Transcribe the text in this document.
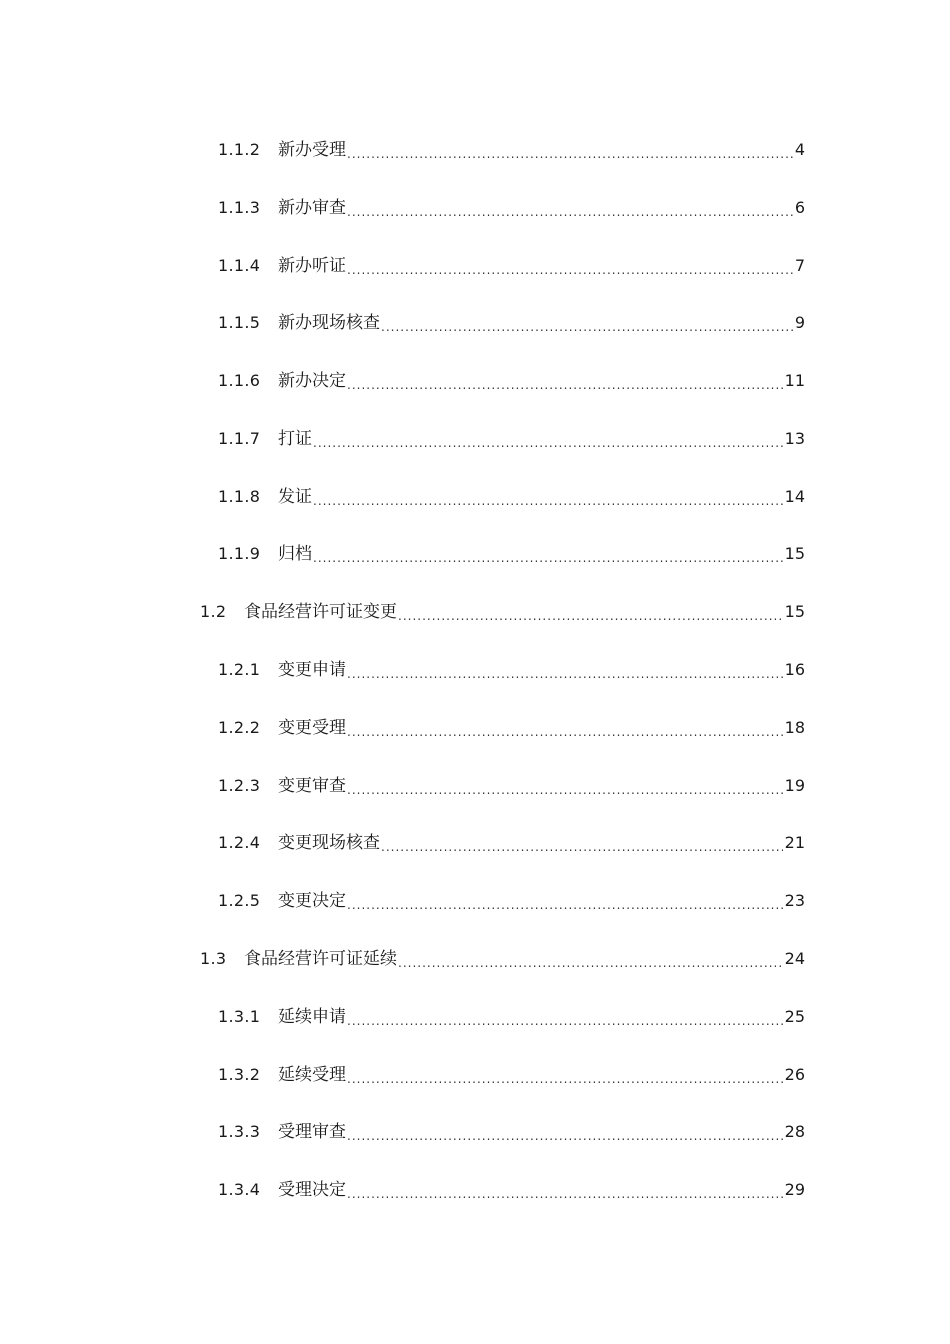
1.1.2	新办受理 .....	4
1.1.3	新办审查 .....	6
1.1.4	新办听证 .....	7
1.1.5	新办现场核查 .....	9
1.1.6	新办决定 .....	11
1.1.7	打证 .....	13
1.1.8	发证 .....	14
1.1.9	归档 .....	15
1.2	食品经营许可证变更 .....	15
1.2.1	变更申请 .....	16
1.2.2	变更受理 .....	18
1.2.3	变更审查 .....	19
1.2.4	变更现场核查 .....	21
1.2.5	变更决定 .....	23
1.3	食品经营许可证延续 .....	24
1.3.1	延续申请 .....	25
1.3.2	延续受理 .....	26
1.3.3	受理审查 .....	28
1.3.4	受理决定 .....	29
